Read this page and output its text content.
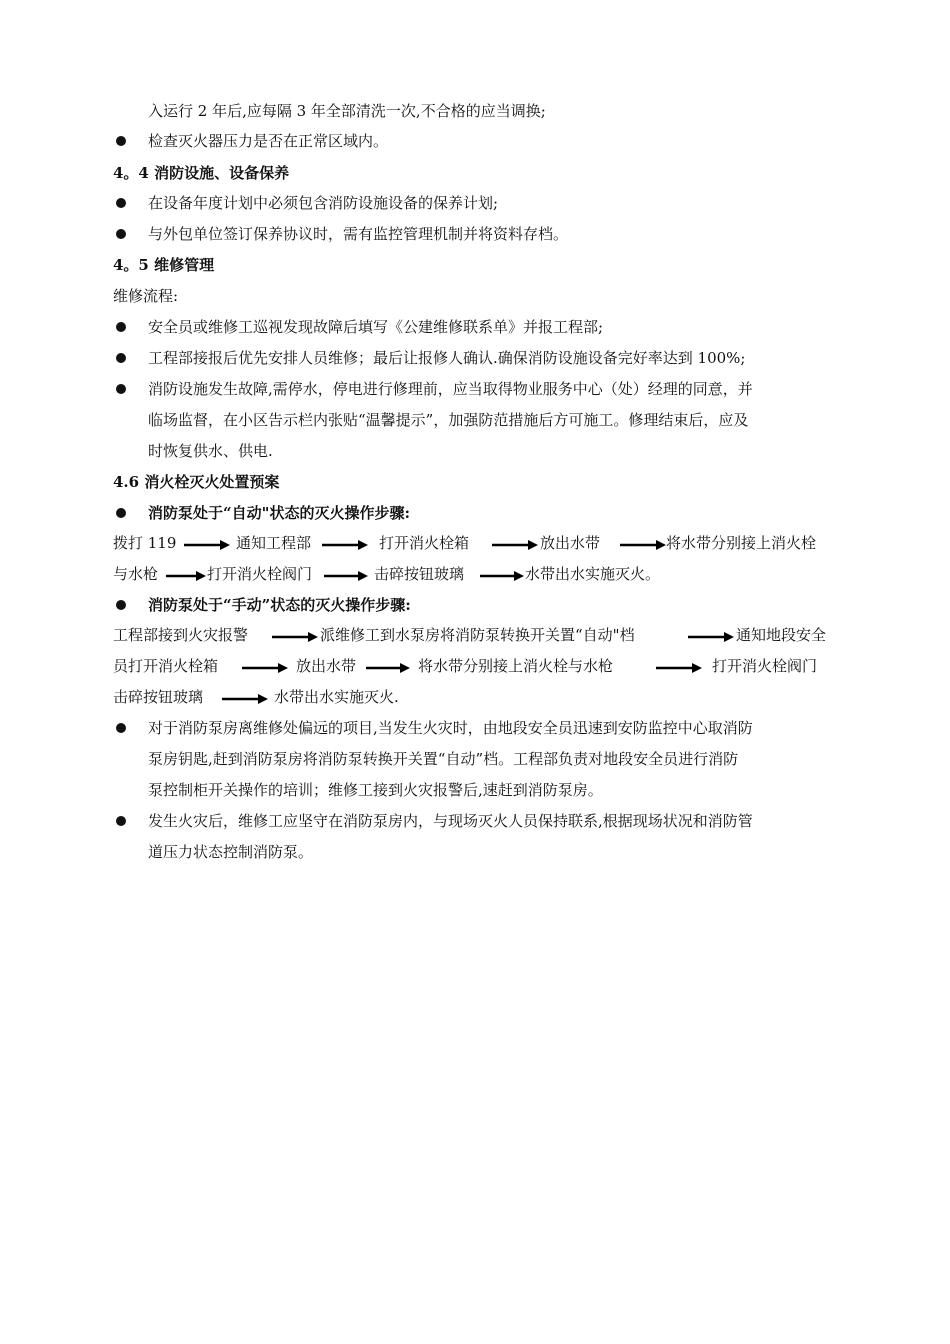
入运行 2 年后,应每隔 3 年全部清洗一次,不合格的应当调换;
检查灭火器压力是否在正常区域内。
4。4 消防设施、设备保养
在设备年度计划中必须包含消防设施设备的保养计划;
与外包单位签订保养协议时，需有监控管理机制并将资料存档。
4。5 维修管理
维修流程:
安全员或维修工巡视发现故障后填写《公建维修联系单》并报工程部;
工程部接报后优先安排人员维修；最后让报修人确认.确保消防设施设备完好率达到 100%;
消防设施发生故障,需停水，停电进行修理前，应当取得物业服务中心（处）经理的同意，并
临场监督，在小区告示栏内张贴“温馨提示”，加强防范措施后方可施工。修理结束后，应及
时恢复供水、供电.
4.6 消火栓灭火处置预案
消防泵处于“自动"状态的灭火操作步骤:
拨打 119	通知工程部	打开消火栓箱	放出水带	将水带分别接上消火栓
与水枪	打开消火栓阀门	击碎按钮玻璃	水带出水实施灭火。
消防泵处于“手动”状态的灭火操作步骤:
工程部接到火灾报警	派维修工到水泵房将消防泵转换开关置“自动"档	通知地段安全
员打开消火栓箱	放出水带	将水带分别接上消火栓与水枪	打开消火栓阀门
击碎按钮玻璃	水带出水实施灭火.
对于消防泵房离维修处偏远的项目,当发生火灾时，由地段安全员迅速到安防监控中心取消防
泵房钥匙,赶到消防泵房将消防泵转换开关置“自动”档。工程部负责对地段安全员进行消防
泵控制柜开关操作的培训；维修工接到火灾报警后,速赶到消防泵房。
发生火灾后，维修工应坚守在消防泵房内，与现场灭火人员保持联系,根据现场状况和消防管
道压力状态控制消防泵。
